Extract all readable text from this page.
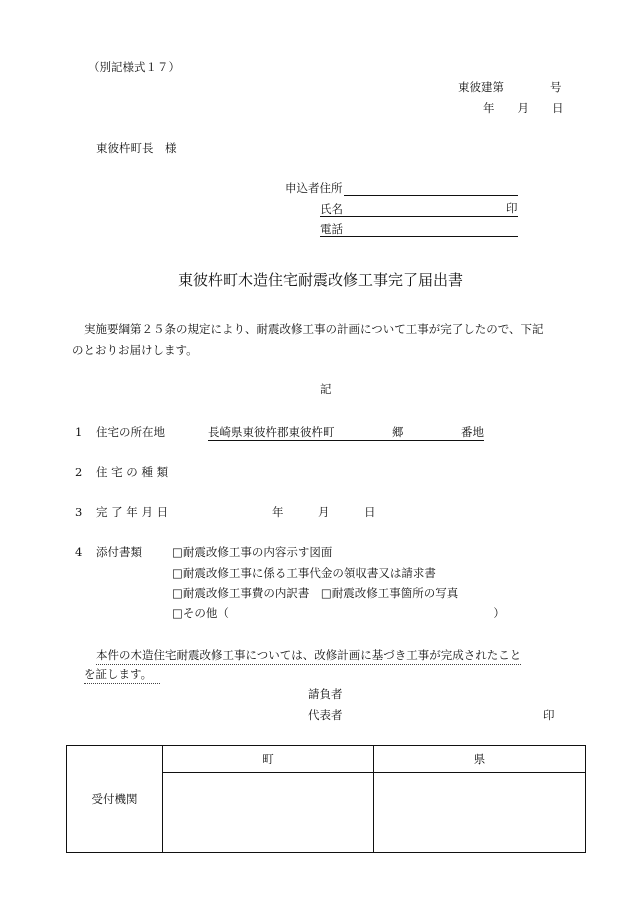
（別記様式１７）
東彼建第　　　　号
年　　月　　日
東彼杵町長　様
申込者住所
氏名	印
電話
東彼杵町木造住宅耐震改修工事完了届出書
実施要綱第２５条の規定により、耐震改修工事の計画について工事が完了したので、下記
のとおりお届けします。
記
1 住宅の所在地	長崎県東彼杵郡東彼杵町　　　　　郷　　　　　番地
2 住 宅 の 種 類
3 完 了 年 月 日	年　　　月　　　日
4 添付書類	□耐震改修工事の内容示す図面
□耐震改修工事に係る工事代金の領収書又は請求書
□耐震改修工事費の内訳書　□耐震改修工事箇所の写真
□その他（　　　　　　　　　　　　　　　　　　　　　　　）
本件の木造住宅耐震改修工事については、改修計画に基づき工事が完成されたこと
を証します。
請負者
代表者	印
受付機関	町	県
